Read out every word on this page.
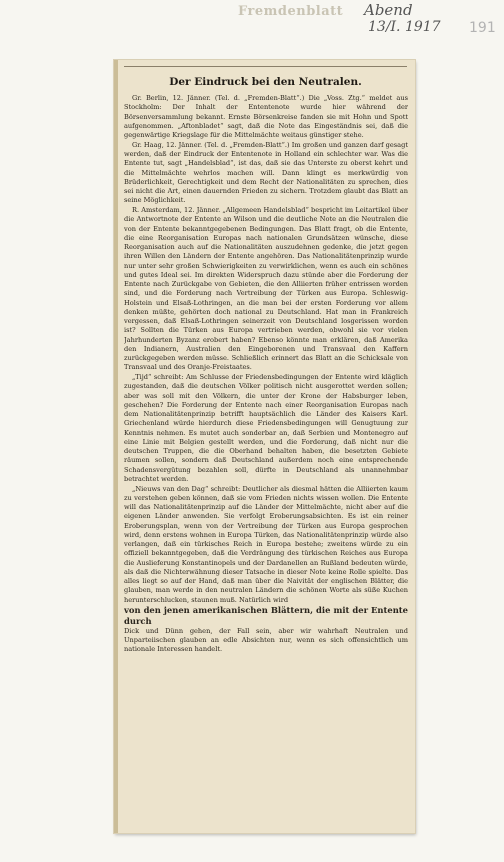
Fremdenblatt Abend
13/I. 1917	191
Der Eindruck bei den Neutralen.

Gr. Berlin, 12. Jänner. (Tel. d. „Fremden-Blatt“.) Die „Voss. Ztg.“ meldet aus Stockholm: Der Inhalt der Ententenote wurde hier während der Börsenversammlung bekannt. Ernste Börsenkreise fanden sie mit Hohn und Spott aufgenommen. „Aftonbladet“ sagt, daß die Note das Eingeständnis sei, daß die gegenwärtige Kriegslage für die Mittelmächte weitaus günstiger stehe.

Gr. Haag, 12. Jänner. (Tel. d. „Fremden-Blatt“.) Im großen und ganzen darf gesagt werden, daß der Eindruck der Ententenote in Holland ein schlechter war. Was die Entente tut, sagt „Handelsblad“, ist das, daß sie das Unterste zu oberst kehrt und die Mittelmächte wehrlos machen will. Dann klingt es merkwürdig von Brüderlichkeit, Gerechtigkeit und dem Recht der Nationalitäten zu sprechen, dies sei nicht die Art, einen dauernden Frieden zu sichern. Trotzdem glaubt das Blatt an seine Möglichkeit.

R. Amsterdam, 12. Jänner. „Allgemeen Handelsblad“ bespricht im Leitartikel über die Antwortnote der Entente an Wilson und die deutliche Note an die Neutralen die von der Entente bekanntgegebenen Bedingungen. Das Blatt fragt, ob die Entente, die eine Reorganisation Europas nach nationalen Grundsätzen wünsche, diese Reorganisation auch auf die Nationalitäten auszudehnen gedenke, die jetzt gegen ihren Willen den Ländern der Entente angehören. Das Nationalitätenprinzip wurde nur unter sehr großen Schwierigkeiten zu verwirklichen, wenn es auch ein schönes und gutes Ideal sei. Im direkten Widerspruch dazu stünde aber die Forderung der Entente nach Zurückgabe von Gebieten, die den Alliierten früher entrissen worden sind, und die Forderung nach Vertreibung der Türken aus Europa. Schleswig-Holstein und Elsaß-Lothringen, an die man bei der ersten Forderung vor allem denken müßte, gehörten doch national zu Deutschland. Hat man in Frankreich vergessen, daß Elsaß-Lothringen seinerzeit von Deutschland losgerissen worden ist? Sollten die Türken aus Europa vertrieben werden, obwohl sie vor vielen Jahrhunderten Byzanz erobert haben? Ebenso könnte man erklären, daß Amerika den Indianern, Australien den Eingeborenen und Transvaal den Kaffern zurückgegeben werden müsse. Schließlich erinnert das Blatt an die Schicksale von Transvaal und des Oranje-Freistaates.

„Tijd“ schreibt: Am Schlusse der Friedensbedingungen der Entente wird kläglich zugestanden, daß die deutschen Völker politisch nicht ausgerottet werden sollen; aber was soll mit den Völkern, die unter der Krone der Habsburger leben, geschehen? Die Forderung der Entente nach einer Reorganisation Europas nach dem Nationalitätenprinzip betrifft hauptsächlich die Länder des Kaisers Karl. Griechenland würde hierdurch diese Friedensbedingungen will Genugtuung zur Kenntnis nehmen. Es mutet auch sonderbar an, daß Serbien und Montenegro auf eine Linie mit Belgien gestellt werden, und die Forderung, daß nicht nur die deutschen Truppen, die die Oberhand behalten haben, die besetzten Gebiete räumen sollen, sondern daß Deutschland außerdem noch eine entsprechende Schadensvergütung bezahlen soll, dürfte in Deutschland als unannehmbar betrachtet werden.

„Nieuws van den Dag“ schreibt: Deutlicher als diesmal hätten die Alliierten kaum zu verstehen geben können, daß sie vom Frieden nichts wissen wollen. Die Entente will das Nationalitätenprinzip auf die Länder der Mittelmächte, nicht aber auf die eigenen Länder anwenden. Sie verfolgt Eroberungsabsichten. Es ist ein reiner Eroberungsplan, wenn von der Vertreibung der Türken aus Europa gesprochen wird, denn erstens wohnen in Europa Türken, das Nationalitätenprinzip würde also verlangen, daß ein türkisches Reich in Europa bestehe; zweitens würde zu ein offiziell bekanntgegeben, daß die Verdrängung des türkischen Reiches aus Europa die Auslieferung Konstantinopels und der Dardanellen an Rußland bedeuten würde, als daß die Nichterwähnung dieser Tatsache in dieser Note keine Rolle spielte. Das alles liegt so auf der Hand, daß man über die Naivität der englischen Blätter, die glauben, man werde in den neutralen Ländern die schönen Worte als süße Kuchen herunterschlucken, staunen muß. Natürlich wird

von den jenen amerikanischen Blättern, die mit der Entente durch

Dick und Dünn gehen, der Fall sein, aber wir wahrhaft Neutralen und Unparteiischen glauben an edle Absichten nur, wenn es sich offensichtlich um nationale Interessen handelt.
